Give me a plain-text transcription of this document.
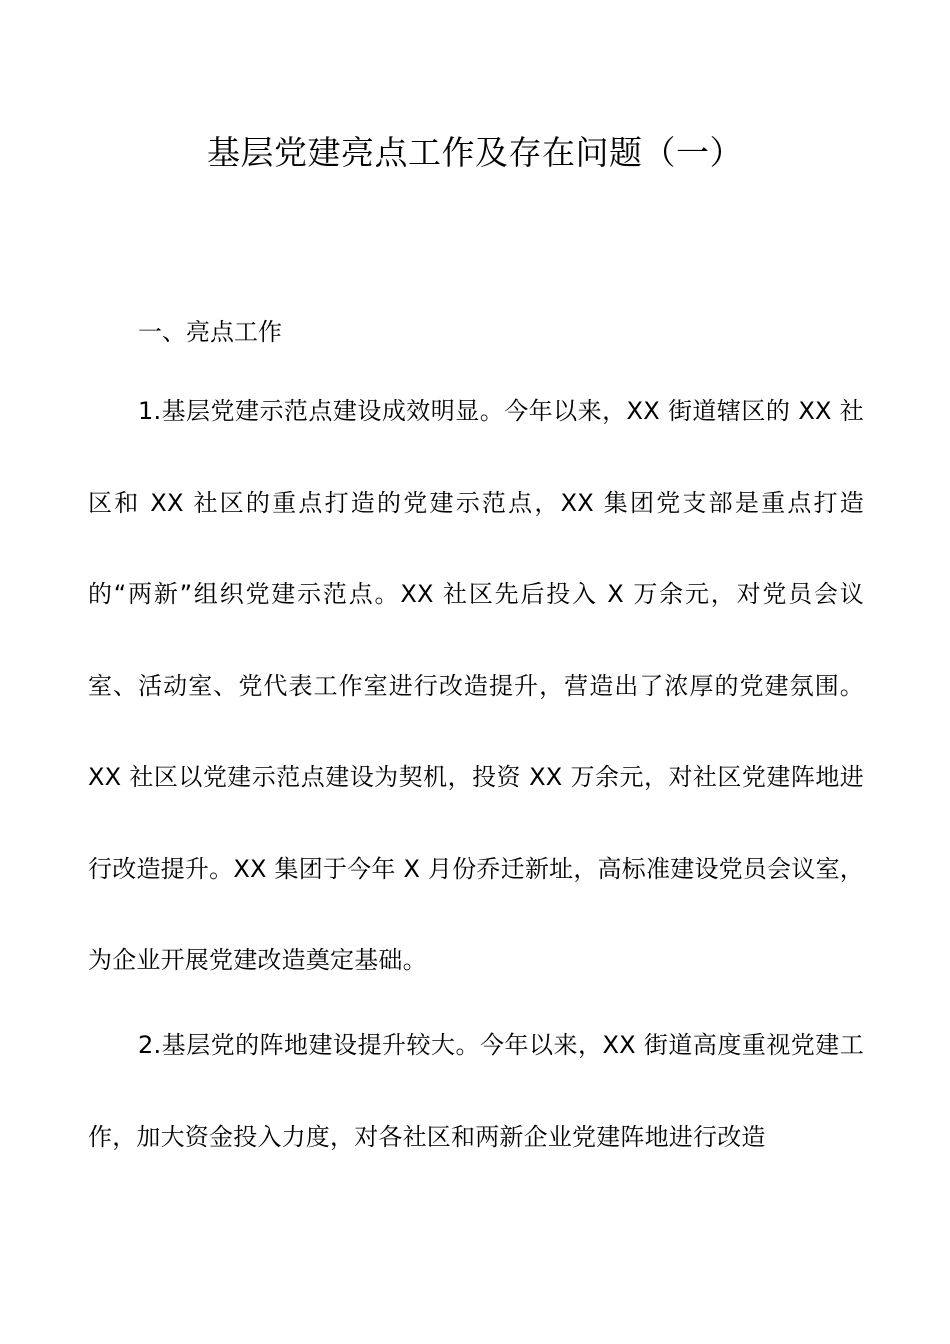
基层党建亮点工作及存在问题（一）
一、亮点工作

1.基层党建示范点建设成效明显。今年以来，XX 街道辖区的 XX 社区和 XX 社区的重点打造的党建示范点，XX 集团党支部是重点打造的“两新”组织党建示范点。XX 社区先后投入 X 万余元，对党员会议室、活动室、党代表工作室进行改造提升，营造出了浓厚的党建氛围。XX 社区以党建示范点建设为契机，投资 XX 万余元，对社区党建阵地进行改造提升。XX 集团于今年 X 月份乔迁新址，高标准建设党员会议室，为企业开展党建改造奠定基础。

2.基层党的阵地建设提升较大。今年以来，XX 街道高度重视党建工作，加大资金投入力度，对各社区和两新企业党建阵地进行改造
